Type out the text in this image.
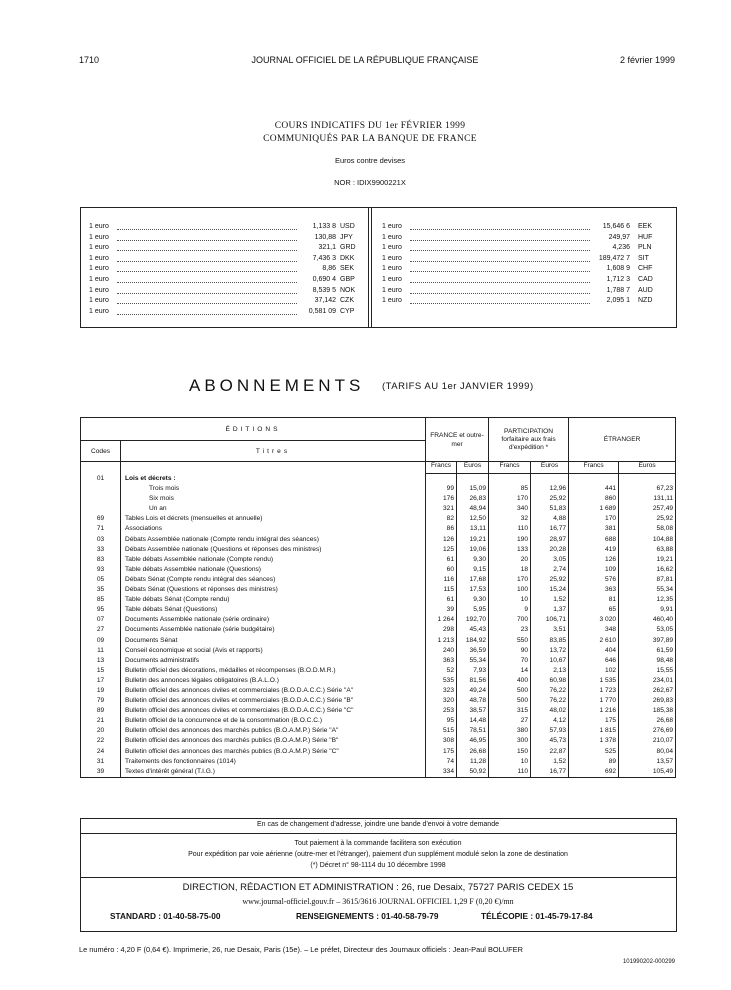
1710	JOURNAL OFFICIEL DE LA RÉPUBLIQUE FRANÇAISE	2 février 1999
COURS INDICATIFS DU 1er FÉVRIER 1999
COMMUNIQUÉS PAR LA BANQUE DE FRANCE
Euros contre devises
NOR : IDIX9900221X
1 euro	1,133 8 USD
1 euro	130,88 JPY
1 euro	321,1 GRD
1 euro	7,436 3 DKK
1 euro	8,86 SEK
1 euro	0,690 4 GBP
1 euro	8,539 5 NOK
1 euro	37,142 CZK
1 euro	0,581 09 CYP
1 euro	15,646 6 EEK
1 euro	249,97 HUF
1 euro	4,236 PLN
1 euro	189,472 7 SIT
1 euro	1,608 9 CHF
1 euro	1,712 3 CAD
1 euro	1,788 7 AUD
1 euro	2,095 1 NZD
ABONNEMENTS (TARIFS AU 1er JANVIER 1999)
ÉDITIONS		FRANCE et outre-mer		PARTICIPATION forfaitaire aux frais d'expédition *		ÉTRANGER	
Codes	Titres						
		Francs	Euros	Francs	Euros	Francs	Euros
01	Lois et décrets :						
	Trois mois	99	15,09	85	12,96	441	67,23
	Six mois	176	26,83	170	25,92	860	131,11
	Un an	321	48,94	340	51,83	1 689	257,49
69	Tables Lois et décrets (mensuelles et annuelle)	82	12,50	32	4,88	170	25,92
71	Associations	86	13,11	110	16,77	381	58,08
03	Débats Assemblée nationale (Compte rendu intégral des séances)	126	19,21	190	28,97	688	104,88
33	Débats Assemblée nationale (Questions et réponses des ministres)	125	19,06	133	20,28	419	63,88
83	Table débats Assemblée nationale (Compte rendu)	61	9,30	20	3,05	126	19,21
93	Table débats Assemblée nationale (Questions)	60	9,15	18	2,74	109	16,62
05	Débats Sénat (Compte rendu intégral des séances)	116	17,68	170	25,92	576	87,81
35	Débats Sénat (Questions et réponses des ministres)	115	17,53	100	15,24	363	55,34
85	Table débats Sénat (Compte rendu)	61	9,30	10	1,52	81	12,35
95	Table débats Sénat (Questions)	39	5,95	9	1,37	65	9,91
07	Documents Assemblée nationale (série ordinaire)	1 264	192,70	700	106,71	3 020	460,40
27	Documents Assemblée nationale (série budgétaire)	298	45,43	23	3,51	348	53,05
09	Documents Sénat	1 213	184,92	550	83,85	2 610	397,89
11	Conseil économique et social (Avis et rapports)	240	36,59	90	13,72	404	61,59
13	Documents administratifs	363	55,34	70	10,67	646	98,48
15	Bulletin officiel des décorations, médailles et récompenses (B.O.D.M.R.)	52	7,93	14	2,13	102	15,55
17	Bulletin des annonces légales obligatoires (B.A.L.O.)	535	81,56	400	60,98	1 535	234,01
19	Bulletin officiel des annonces civiles et commerciales (B.O.D.A.C.C.) Série "A"	323	49,24	500	76,22	1 723	262,67
79	Bulletin officiel des annonces civiles et commerciales (B.O.D.A.C.C.) Série "B"	320	48,78	500	76,22	1 770	269,83
89	Bulletin officiel des annonces civiles et commerciales (B.O.D.A.C.C.) Série "C"	253	38,57	315	48,02	1 216	185,38
21	Bulletin officiel de la concurrence et de la consommation (B.O.C.C.)	95	14,48	27	4,12	175	26,68
20	Bulletin officiel des annonces des marchés publics (B.O.A.M.P.) Série "A"	515	78,51	380	57,93	1 815	276,69
22	Bulletin officiel des annonces des marchés publics (B.O.A.M.P.) Série "B"	308	46,95	300	45,73	1 378	210,07
24	Bulletin officiel des annonces des marchés publics (B.O.A.M.P.) Série "C"	175	26,68	150	22,87	525	80,04
31	Traitements des fonctionnaires (1014)	74	11,28	10	1,52	89	13,57
39	Textes d'intérêt général (T.I.G.)	334	50,92	110	16,77	692	105,49
En cas de changement d'adresse, joindre une bande d'envoi à votre demande
Tout paiement à la commande facilitera son exécution
Pour expédition par voie aérienne (outre-mer et l'étranger), paiement d'un supplément modulé selon la zone de destination
(*) Décret n° 98-1114 du 10 décembre 1998
DIRECTION, RÉDACTION ET ADMINISTRATION : 26, rue Desaix, 75727 PARIS CEDEX 15
www.journal-officiel.gouv.fr – 3615/3616 JOURNAL OFFICIEL 1,29 F (0,20 €)/mn
STANDARD : 01-40-58-75-00	RENSEIGNEMENTS : 01-40-58-79-79	TÉLÉCOPIE : 01-45-79-17-84
Le numéro : 4,20 F (0,64 €). Imprimerie, 26, rue Desaix, Paris (15e). – Le préfet, Directeur des Journaux officiels : Jean-Paul BOLUFER
101990202-000299
